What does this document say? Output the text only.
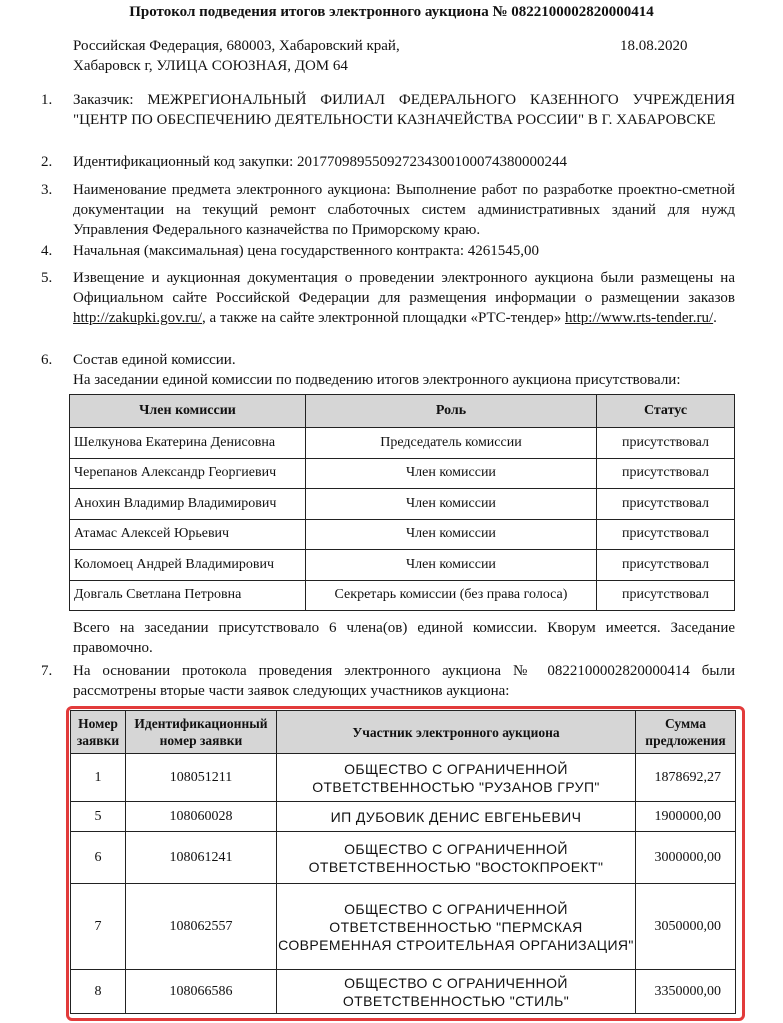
Протокол подведения итогов электронного аукциона № 0822100002820000414
Российская Федерация, 680003, Хабаровский край,
Хабаровск г, УЛИЦА СОЮЗНАЯ, ДОМ 64
18.08.2020
1. Заказчик: МЕЖРЕГИОНАЛЬНЫЙ ФИЛИАЛ ФЕДЕРАЛЬНОГО КАЗЕННОГО УЧРЕЖДЕНИЯ "ЦЕНТР ПО ОБЕСПЕЧЕНИЮ ДЕЯТЕЛЬНОСТИ КАЗНАЧЕЙСТВА РОССИИ" В Г. ХАБАРОВСКЕ
2. Идентификационный код закупки: 201770989550927234300100074380000244
3. Наименование предмета электронного аукциона: Выполнение работ по разработке проектно-сметной документации на текущий ремонт слаботочных систем административных зданий для нужд Управления Федерального казначейства по Приморскому краю.
4. Начальная (максимальная) цена государственного контракта: 4261545,00
5. Извещение и аукционная документация о проведении электронного аукциона были размещены на Официальном сайте Российской Федерации для размещения информации о размещении заказов http://zakupki.gov.ru/, а также на сайте электронной площадки «РТС-тендер» http://www.rts-tender.ru/.
6. Состав единой комиссии.
На заседании единой комиссии по подведению итогов электронного аукциона присутствовали:
Член комиссии	Роль	Статус
Шелкунова Екатерина Денисовна	Председатель комиссии	присутствовал
Черепанов Александр Георгиевич	Член комиссии	присутствовал
Анохин Владимир Владимирович	Член комиссии	присутствовал
Атамас Алексей Юрьевич	Член комиссии	присутствовал
Коломоец Андрей Владимирович	Член комиссии	присутствовал
Довгаль Светлана Петровна	Секретарь комиссии (без права голоса)	присутствовал
Всего на заседании присутствовало 6 члена(ов) единой комиссии. Кворум имеется. Заседание правомочно.
7. На основании протокола проведения электронного аукциона № 0822100002820000414 были рассмотрены вторые части заявок следующих участников аукциона:
Номер заявки	Идентификационный номер заявки	Участник электронного аукциона	Сумма предложения
1	108051211	ОБЩЕСТВО С ОГРАНИЧЕННОЙ ОТВЕТСТВЕННОСТЬЮ "РУЗАНОВ ГРУП"	1878692,27
5	108060028	ИП ДУБОВИК ДЕНИС ЕВГЕНЬЕВИЧ	1900000,00
6	108061241	ОБЩЕСТВО С ОГРАНИЧЕННОЙ ОТВЕТСТВЕННОСТЬЮ "ВОСТОКПРОЕКТ"	3000000,00
7	108062557	ОБЩЕСТВО С ОГРАНИЧЕННОЙ ОТВЕТСТВЕННОСТЬЮ "ПЕРМСКАЯ СОВРЕМЕННАЯ СТРОИТЕЛЬНАЯ ОРГАНИЗАЦИЯ"	3050000,00
8	108066586	ОБЩЕСТВО С ОГРАНИЧЕННОЙ ОТВЕТСТВЕННОСТЬЮ "СТИЛЬ"	3350000,00
